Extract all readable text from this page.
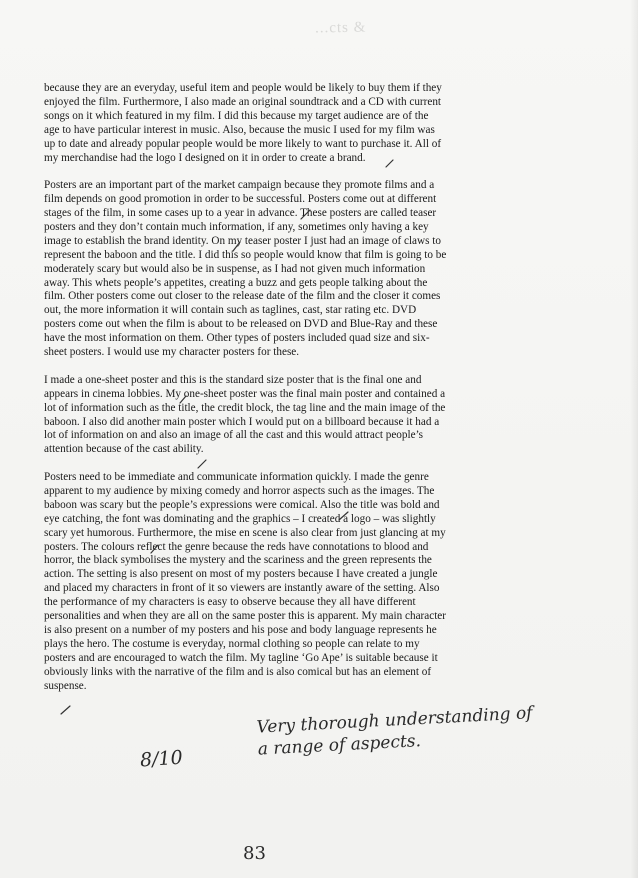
...cts &
because they are an everyday, useful item and people would be likely to buy them if they
enjoyed the film. Furthermore, I also made an original soundtrack and a CD with current
songs on it which featured in my film. I did this because my target audience are of the
age to have particular interest in music. Also, because the music I used for my film was
up to date and already popular people would be more likely to want to purchase it. All of
my merchandise had the logo I designed on it in order to create a brand.
Posters are an important part of the market campaign because they promote films and a
film depends on good promotion in order to be successful. Posters come out at different
stages of the film, in some cases up to a year in advance. These posters are called teaser
posters and they don’t contain much information, if any, sometimes only having a key
image to establish the brand identity. On my teaser poster I just had an image of claws to
represent the baboon and the title. I did this so people would know that film is going to be
moderately scary but would also be in suspense, as I had not given much information
away. This whets people’s appetites, creating a buzz and gets people talking about the
film. Other posters come out closer to the release date of the film and the closer it comes
out, the more information it will contain such as taglines, cast, star rating etc. DVD
posters come out when the film is about to be released on DVD and Blue-Ray and these
have the most information on them. Other types of posters included quad size and six-
sheet posters. I would use my character posters for these.
I made a one-sheet poster and this is the standard size poster that is the final one and
appears in cinema lobbies. My one-sheet poster was the final main poster and contained a
lot of information such as the title, the credit block, the tag line and the main image of the
baboon. I also did another main poster which I would put on a billboard because it had a
lot of information on and also an image of all the cast and this would attract people’s
attention because of the cast ability.
Posters need to be immediate and communicate information quickly. I made the genre
apparent to my audience by mixing comedy and horror aspects such as the images. The
baboon was scary but the people’s expressions were comical. Also the title was bold and
eye catching, the font was dominating and the graphics – I created a logo – was slightly
scary yet humorous. Furthermore, the mise en scene is also clear from just glancing at my
posters. The colours reflect the genre because the reds have connotations to blood and
horror, the black symbolises the mystery and the scariness and the green represents the
action. The setting is also present on most of my posters because I have created a jungle
and placed my characters in front of it so viewers are instantly aware of the setting. Also
the performance of my characters is easy to observe because they all have different
personalities and when they are all on the same poster this is apparent. My main character
is also present on a number of my posters and his pose and body language represents he
plays the hero. The costume is everyday, normal clothing so people can relate to my
posters and are encouraged to watch the film. My tagline ‘Go Ape’ is suitable because it
obviously links with the narrative of the film and is also comical but has an element of
suspense.
Very thorough understanding of
a range of aspects.
8/10
83
